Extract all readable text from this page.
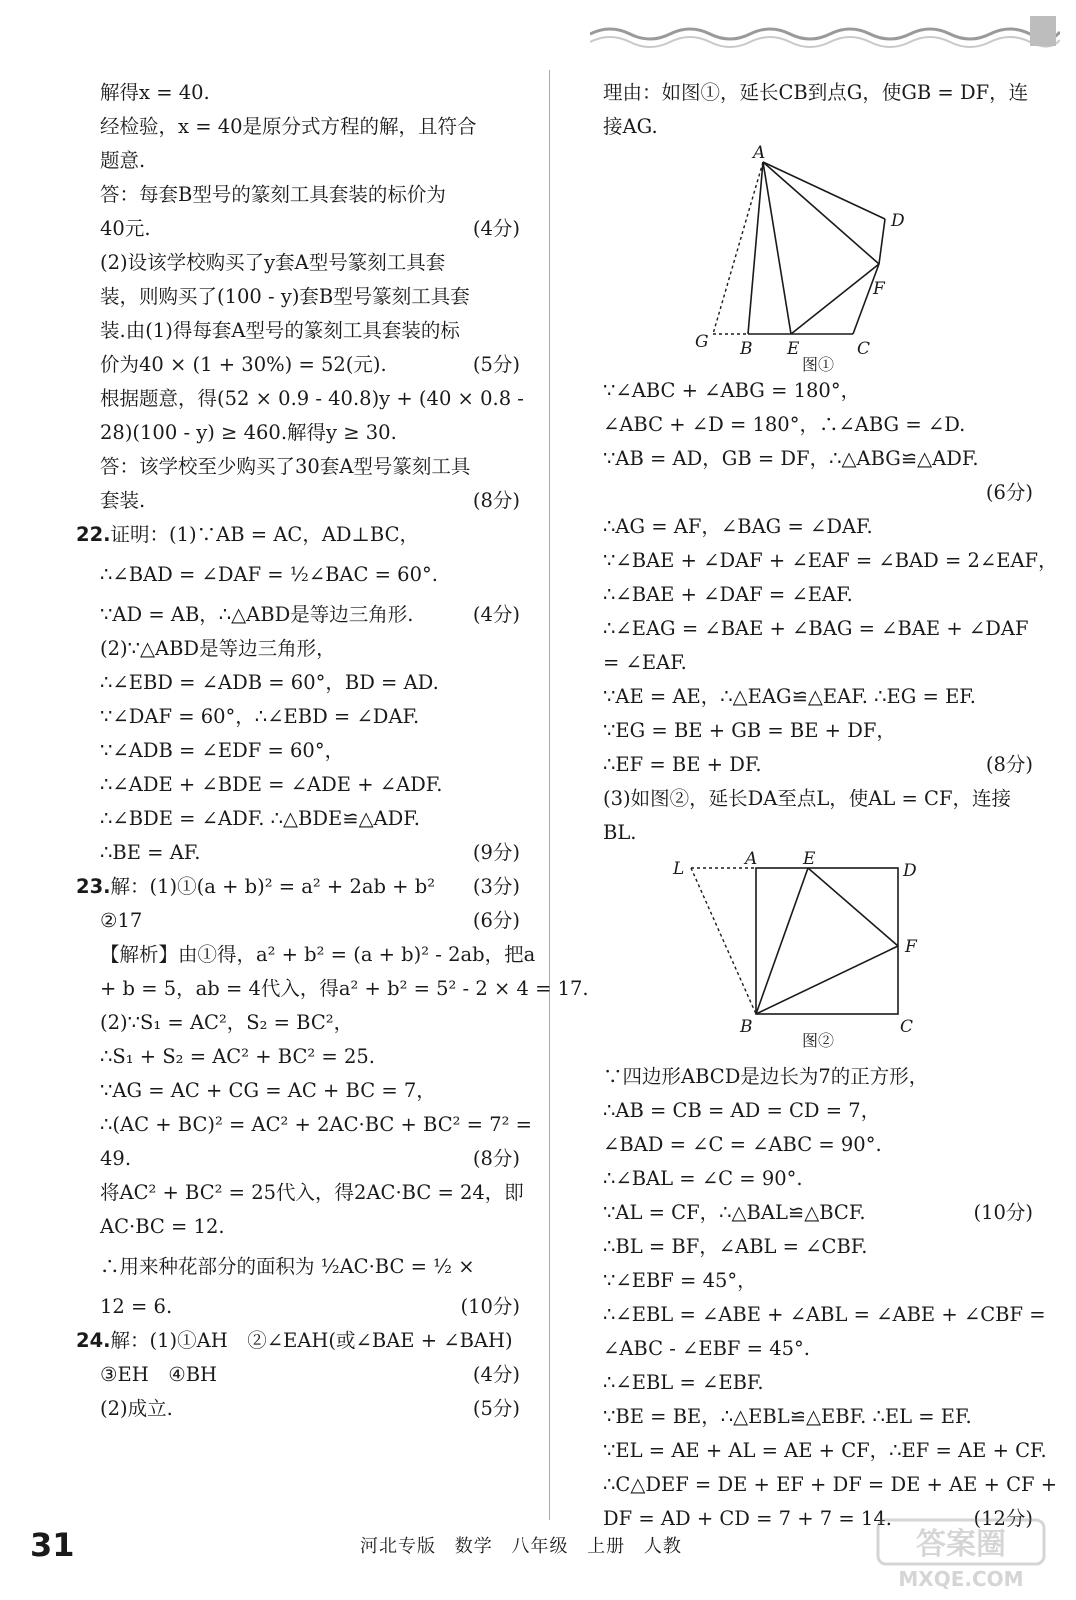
解得x = 40.
经检验，x = 40是原分式方程的解，且符合
题意.
答：每套B型号的篆刻工具套装的标价为
40元.	(4分)
(2)设该学校购买了y套A型号篆刻工具套
装，则购买了(100 - y)套B型号篆刻工具套
装.由(1)得每套A型号的篆刻工具套装的标
价为40 × (1 + 30%) = 52(元).	(5分)
根据题意，得(52 × 0.9 - 40.8)y + (40 × 0.8 -
28)(100 - y) ≥ 460.解得y ≥ 30.
答：该学校至少购买了30套A型号篆刻工具
套装.	(8分)
22.证明：(1)∵AB = AC，AD⊥BC，
∴∠BAD = ∠DAF = ½∠BAC = 60°.
∵AD = AB，∴△ABD是等边三角形.	(4分)
(2)∵△ABD是等边三角形，
∴∠EBD = ∠ADB = 60°，BD = AD.
∵∠DAF = 60°，∴∠EBD = ∠DAF.
∵∠ADB = ∠EDF = 60°，
∴∠ADE + ∠BDE = ∠ADE + ∠ADF.
∴∠BDE = ∠ADF. ∴△BDE≌△ADF.
∴BE = AF.	(9分)
23.解：(1)①(a + b)² = a² + 2ab + b² (3分)
②17	(6分)
【解析】由①得，a² + b² = (a + b)² - 2ab，把a
+ b = 5，ab = 4代入，得a² + b² = 5² - 2 × 4 = 17.
(2)∵S₁ = AC²，S₂ = BC²，
∴S₁ + S₂ = AC² + BC² = 25.
∵AG = AC + CG = AC + BC = 7，
∴(AC + BC)² = AC² + 2AC·BC + BC² = 7² =
49.	(8分)
将AC² + BC² = 25代入，得2AC·BC = 24，即
AC·BC = 12.
∴用来种花部分的面积为 ½AC·BC = ½ ×
12 = 6.	(10分)
24.解：(1)①AH　②∠EAH(或∠BAE + ∠BAH)
③EH　④BH	(4分)
(2)成立.	(5分)
理由：如图①，延长CB到点G，使GB = DF，连
接AG.
A
B	C
D
E
F
G
图①
∵∠ABC + ∠ABG = 180°，
∠ABC + ∠D = 180°，∴∠ABG = ∠D.
∵AB = AD，GB = DF，∴△ABG≌△ADF.
(6分)
∴AG = AF，∠BAG = ∠DAF.
∵∠BAE + ∠DAF + ∠EAF = ∠BAD = 2∠EAF，
∴∠BAE + ∠DAF = ∠EAF.
∴∠EAG = ∠BAE + ∠BAG = ∠BAE + ∠DAF
= ∠EAF.
∵AE = AE，∴△EAG≌△EAF. ∴EG = EF.
∵EG = BE + GB = BE + DF，
∴EF = BE + DF.	(8分)
(3)如图②，延长DA至点L，使AL = CF，连接
BL.
L	A	E
D
F
B	C
图②
∵四边形ABCD是边长为7的正方形，
∴AB = CB = AD = CD = 7，
∠BAD = ∠C = ∠ABC = 90°.
∴∠BAL = ∠C = 90°.
∵AL = CF，∴△BAL≌△BCF.	(10分)
∴BL = BF，∠ABL = ∠CBF.
∵∠EBF = 45°，
∴∠EBL = ∠ABE + ∠ABL = ∠ABE + ∠CBF =
∠ABC - ∠EBF = 45°.
∴∠EBL = ∠EBF.
∵BE = BE，∴△EBL≌△EBF. ∴EL = EF.
∵EL = AE + AL = AE + CF，∴EF = AE + CF.
∴C△DEF = DE + EF + DF = DE + AE + CF +
DF = AD + CD = 7 + 7 = 14.	(12分)
31	河北专版 数学 八年级 上册 人教	答案圈
MXQE.COM
